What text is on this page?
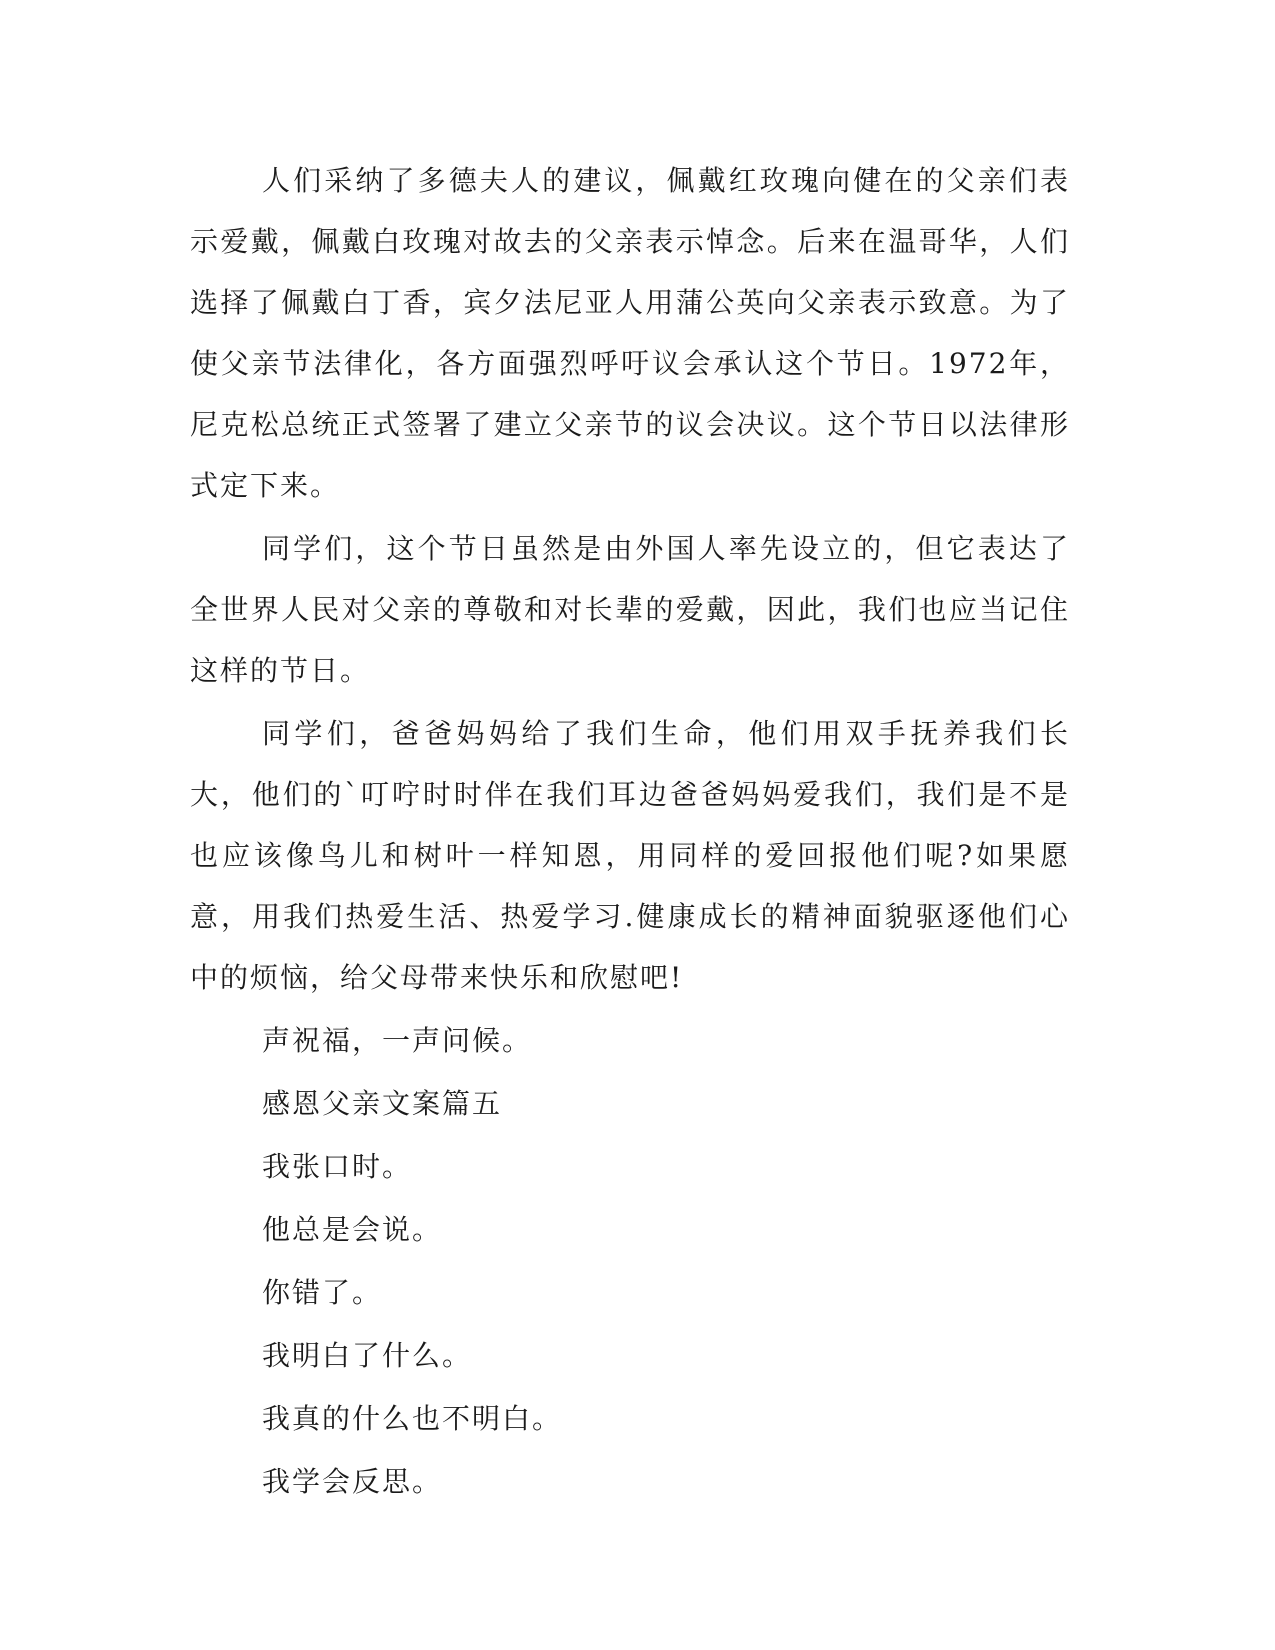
人们采纳了多德夫人的建议，佩戴红玫瑰向健在的父亲们表示爱戴，佩戴白玫瑰对故去的父亲表示悼念。后来在温哥华，人们选择了佩戴白丁香，宾夕法尼亚人用蒲公英向父亲表示致意。为了使父亲节法律化，各方面强烈呼吁议会承认这个节日。1972年，尼克松总统正式签署了建立父亲节的议会决议。这个节日以法律形式定下来。

同学们，这个节日虽然是由外国人率先设立的，但它表达了全世界人民对父亲的尊敬和对长辈的爱戴，因此，我们也应当记住这样的节日。

同学们，爸爸妈妈给了我们生命，他们用双手抚养我们长大，他们的`叮咛时时伴在我们耳边爸爸妈妈爱我们，我们是不是也应该像鸟儿和树叶一样知恩，用同样的爱回报他们呢?如果愿意，用我们热爱生活、热爱学习.健康成长的精神面貌驱逐他们心中的烦恼，给父母带来快乐和欣慰吧!

声祝福，一声问候。

感恩父亲文案篇五

我张口时。

他总是会说。

你错了。

我明白了什么。

我真的什么也不明白。

我学会反思。
